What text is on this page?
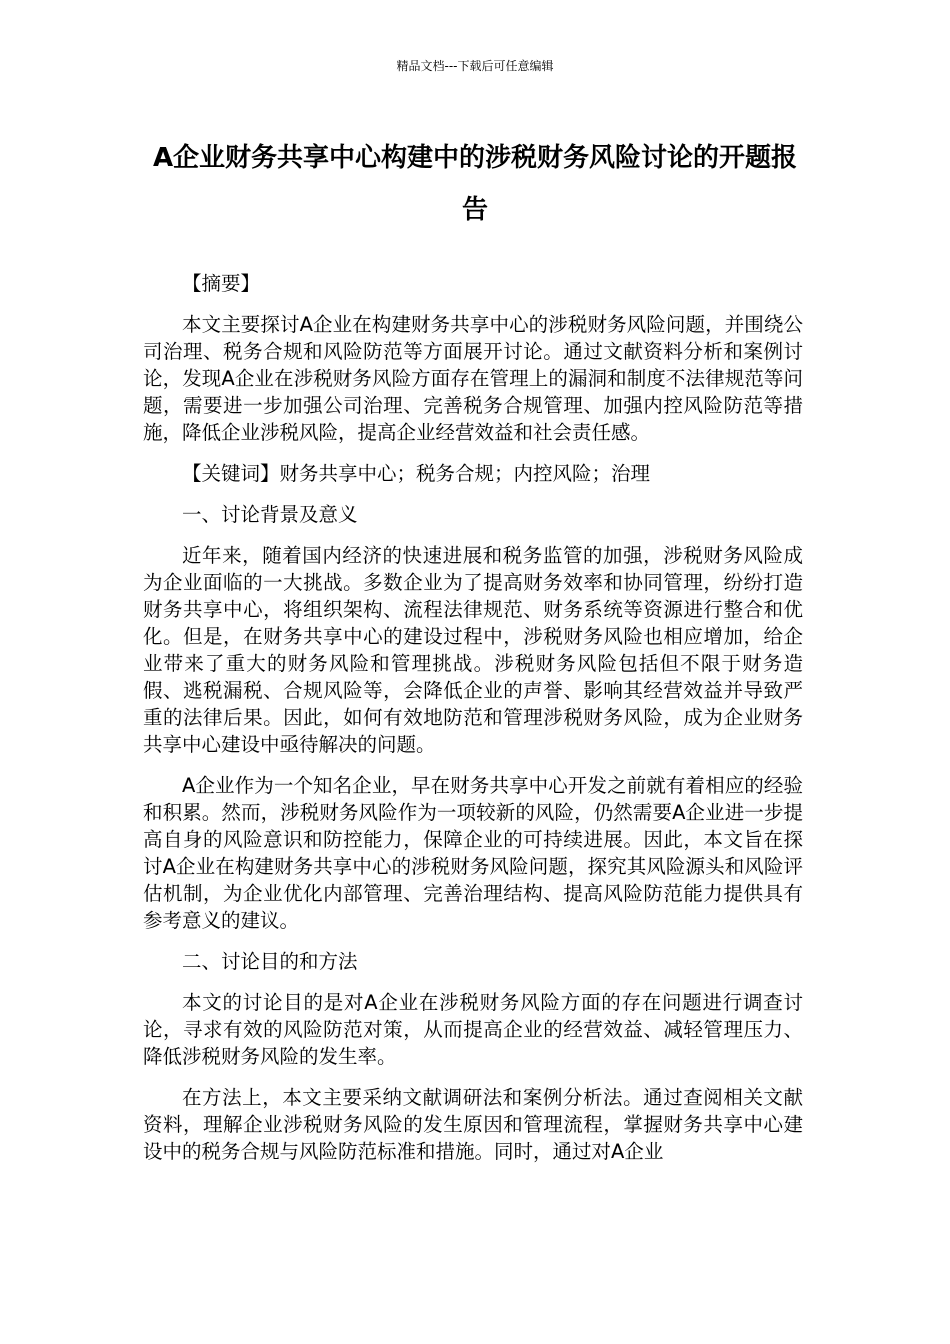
精品文档---下载后可任意编辑
A企业财务共享中心构建中的涉税财务风险讨论的开题报告

【摘要】

本文主要探讨A企业在构建财务共享中心的涉税财务风险问题，并围绕公司治理、税务合规和风险防范等方面展开讨论。通过文献资料分析和案例讨论，发现A企业在涉税财务风险方面存在管理上的漏洞和制度不法律规范等问题，需要进一步加强公司治理、完善税务合规管理、加强内控风险防范等措施，降低企业涉税风险，提高企业经营效益和社会责任感。

【关键词】财务共享中心；税务合规；内控风险；治理

一、讨论背景及意义

近年来，随着国内经济的快速进展和税务监管的加强，涉税财务风险成为企业面临的一大挑战。多数企业为了提高财务效率和协同管理，纷纷打造财务共享中心，将组织架构、流程法律规范、财务系统等资源进行整合和优化。但是，在财务共享中心的建设过程中，涉税财务风险也相应增加，给企业带来了重大的财务风险和管理挑战。涉税财务风险包括但不限于财务造假、逃税漏税、合规风险等，会降低企业的声誉、影响其经营效益并导致严重的法律后果。因此，如何有效地防范和管理涉税财务风险，成为企业财务共享中心建设中亟待解决的问题。

A企业作为一个知名企业，早在财务共享中心开发之前就有着相应的经验和积累。然而，涉税财务风险作为一项较新的风险，仍然需要A企业进一步提高自身的风险意识和防控能力，保障企业的可持续进展。因此，本文旨在探讨A企业在构建财务共享中心的涉税财务风险问题，探究其风险源头和风险评估机制，为企业优化内部管理、完善治理结构、提高风险防范能力提供具有参考意义的建议。

二、讨论目的和方法

本文的讨论目的是对A企业在涉税财务风险方面的存在问题进行调查讨论，寻求有效的风险防范对策，从而提高企业的经营效益、减轻管理压力、降低涉税财务风险的发生率。

在方法上，本文主要采纳文献调研法和案例分析法。通过查阅相关文献资料，理解企业涉税财务风险的发生原因和管理流程，掌握财务共享中心建设中的税务合规与风险防范标准和措施。同时，通过对A企业
